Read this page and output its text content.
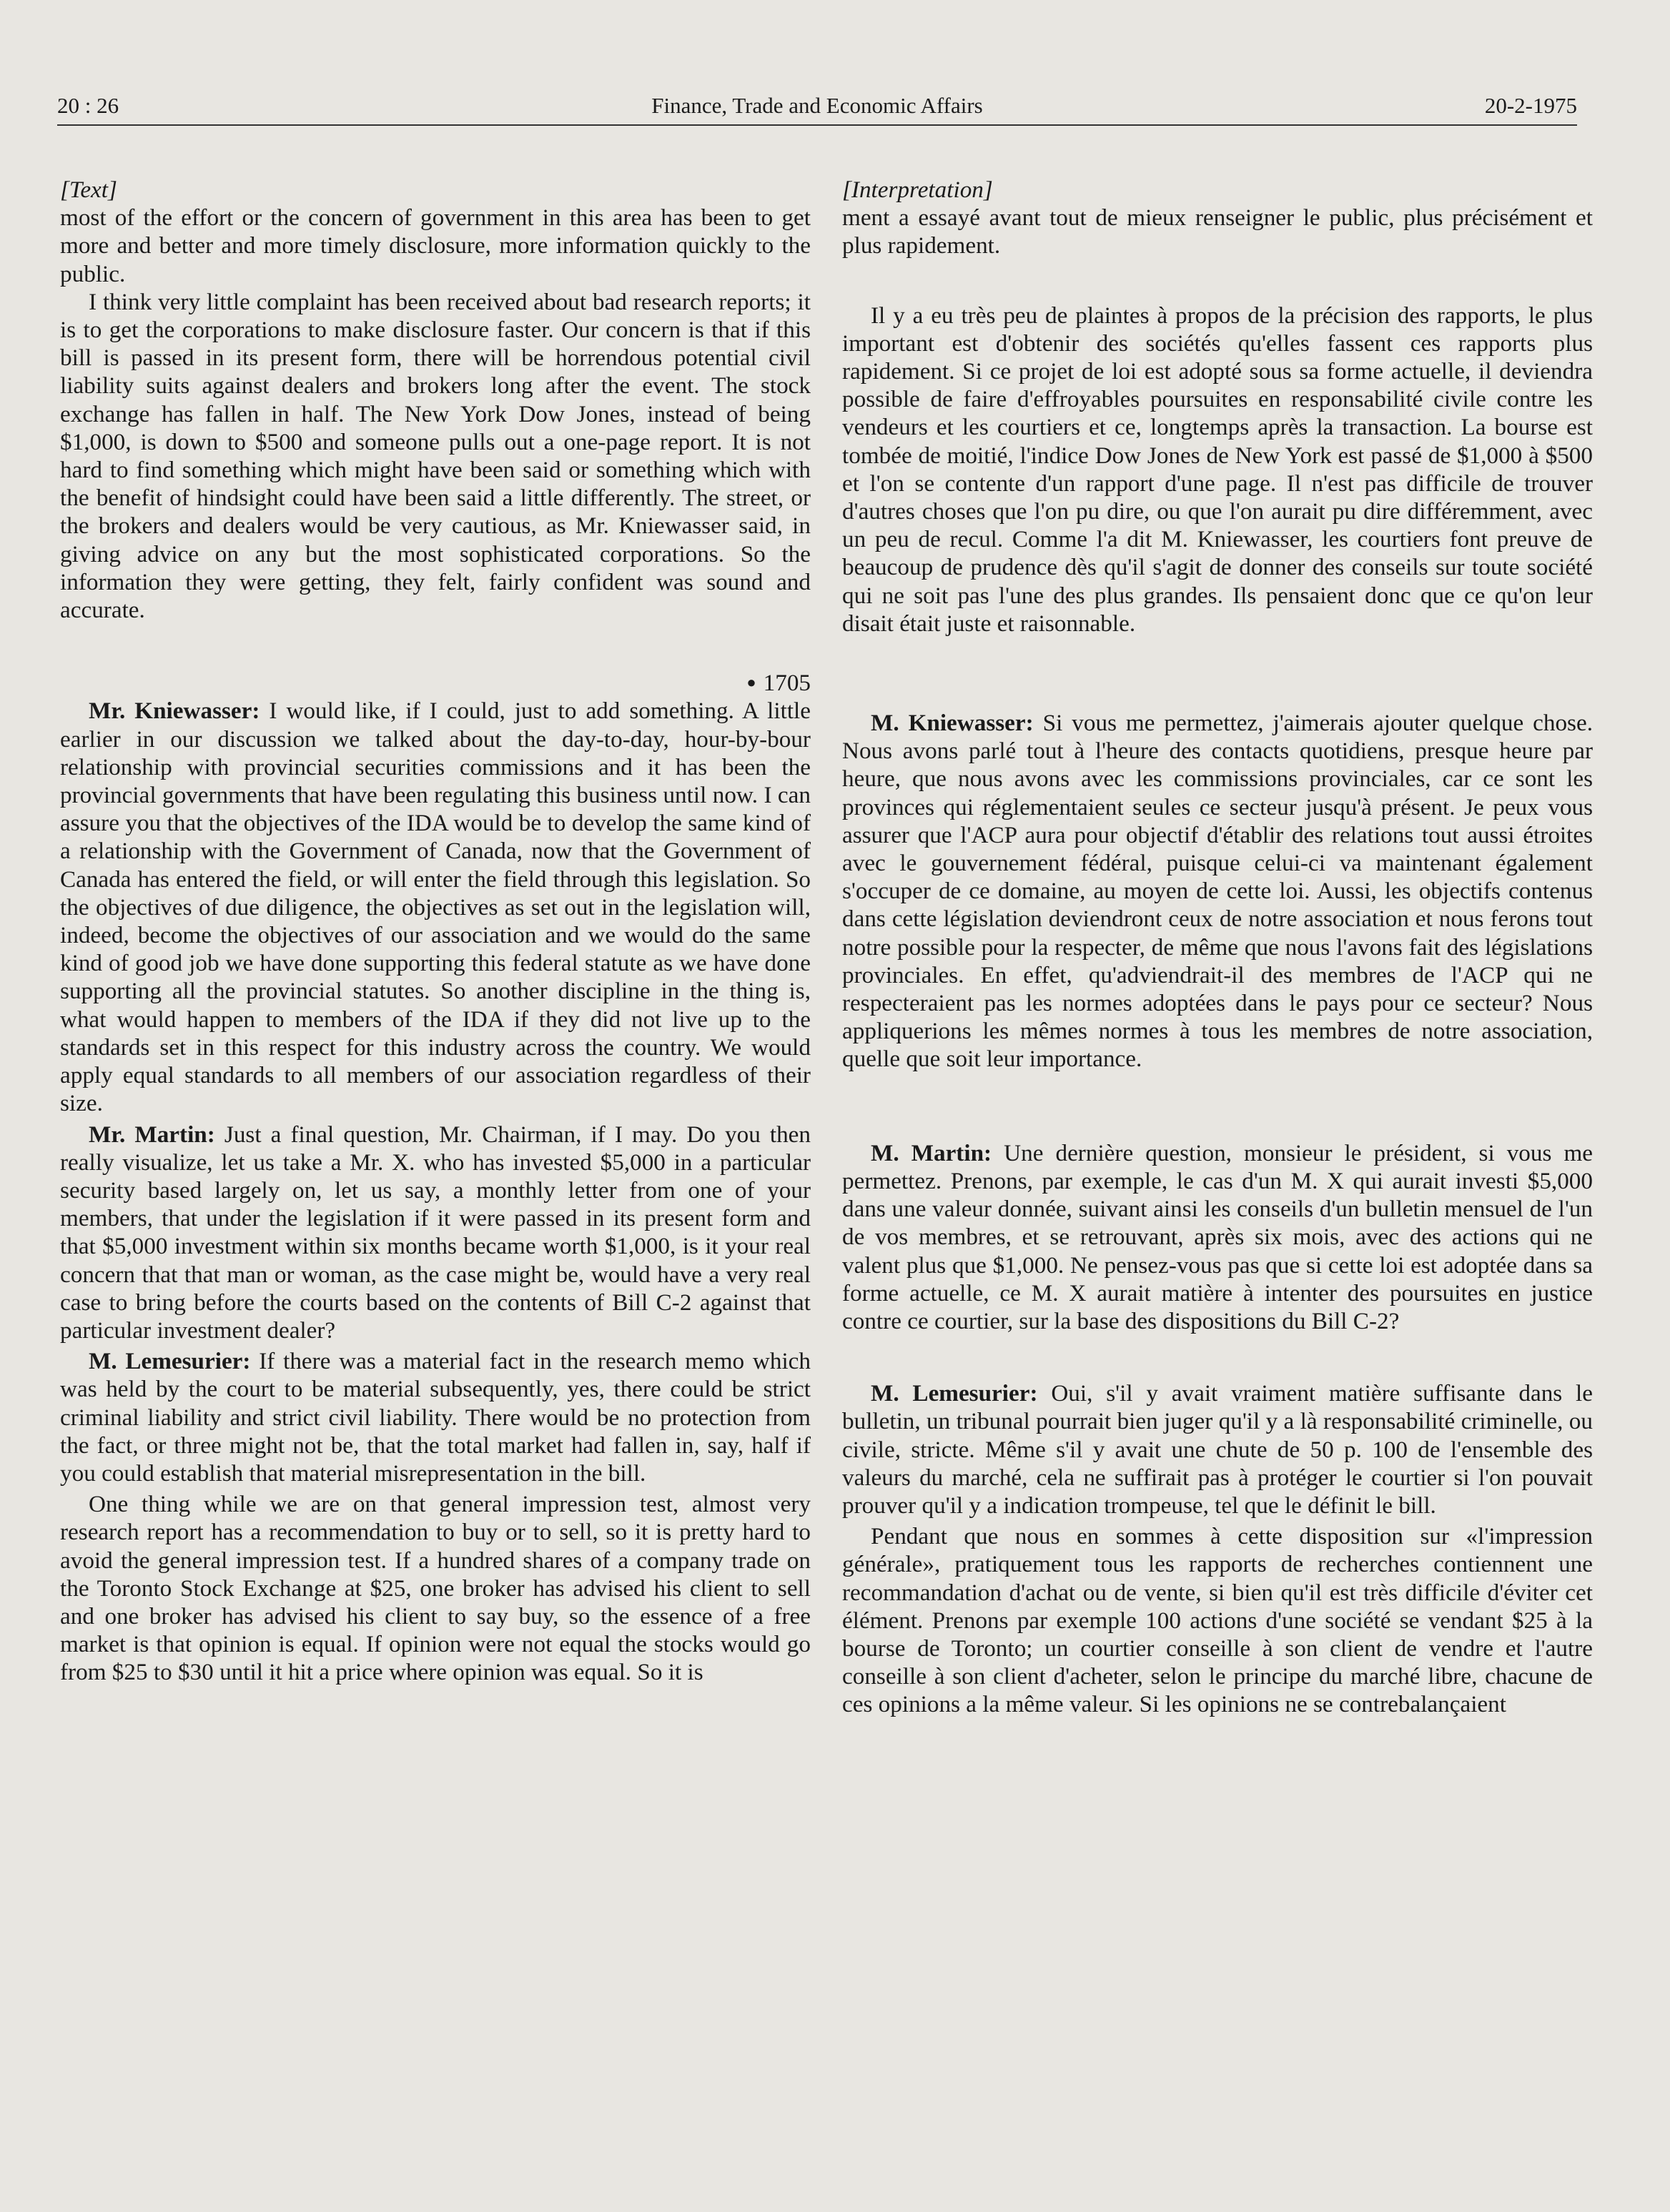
20 : 26	Finance, Trade and Economic Affairs	20-2-1975

[Text]

most of the effort or the concern of government in this area has been to get more and better and more timely disclosure, more information quickly to the public.

I think very little complaint has been received about bad research reports; it is to get the corporations to make disclosure faster. Our concern is that if this bill is passed in its present form, there will be horrendous potential civil liability suits against dealers and brokers long after the event. The stock exchange has fallen in half. The New York Dow Jones, instead of being $1,000, is down to $500 and someone pulls out a one-page report. It is not hard to find something which might have been said or something which with the benefit of hindsight could have been said a little differently. The street, or the brokers and dealers would be very cautious, as Mr. Kniewasser said, in giving advice on any but the most sophisticated corporations. So the information they were getting, they felt, fairly confident was sound and accurate.

● 1705

Mr. Kniewasser: I would like, if I could, just to add something. A little earlier in our discussion we talked about the day-to-day, hour-by-bour relationship with provincial securities commissions and it has been the provincial governments that have been regulating this business until now. I can assure you that the objectives of the IDA would be to develop the same kind of a relationship with the Government of Canada, now that the Government of Canada has entered the field, or will enter the field through this legislation. So the objectives of due diligence, the objectives as set out in the legislation will, indeed, become the objectives of our association and we would do the same kind of good job we have done supporting this federal statute as we have done supporting all the provincial statutes. So another discipline in the thing is, what would happen to members of the IDA if they did not live up to the standards set in this respect for this industry across the country. We would apply equal standards to all members of our association regardless of their size.

Mr. Martin: Just a final question, Mr. Chairman, if I may. Do you then really visualize, let us take a Mr. X. who has invested $5,000 in a particular security based largely on, let us say, a monthly letter from one of your members, that under the legislation if it were passed in its present form and that $5,000 investment within six months became worth $1,000, is it your real concern that that man or woman, as the case might be, would have a very real case to bring before the courts based on the contents of Bill C-2 against that particular investment dealer?

M. Lemesurier: If there was a material fact in the research memo which was held by the court to be material subsequently, yes, there could be strict criminal liability and strict civil liability. There would be no protection from the fact, or three might not be, that the total market had fallen in, say, half if you could establish that material misrepresentation in the bill.

One thing while we are on that general impression test, almost very research report has a recommendation to buy or to sell, so it is pretty hard to avoid the general impression test. If a hundred shares of a company trade on the Toronto Stock Exchange at $25, one broker has advised his client to sell and one broker has advised his client to say buy, so the essence of a free market is that opinion is equal. If opinion were not equal the stocks would go from $25 to $30 until it hit a price where opinion was equal. So it is

[Interpretation]

ment a essayé avant tout de mieux renseigner le public, plus précisément et plus rapidement.

Il y a eu très peu de plaintes à propos de la précision des rapports, le plus important est d'obtenir des sociétés qu'elles fassent ces rapports plus rapidement. Si ce projet de loi est adopté sous sa forme actuelle, il deviendra possible de faire d'effroyables poursuites en responsabilité civile contre les vendeurs et les courtiers et ce, longtemps après la transaction. La bourse est tombée de moitié, l'indice Dow Jones de New York est passé de $1,000 à $500 et l'on se contente d'un rapport d'une page. Il n'est pas difficile de trouver d'autres choses que l'on pu dire, ou que l'on aurait pu dire différemment, avec un peu de recul. Comme l'a dit M. Kniewasser, les courtiers font preuve de beaucoup de prudence dès qu'il s'agit de donner des conseils sur toute société qui ne soit pas l'une des plus grandes. Ils pensaient donc que ce qu'on leur disait était juste et raisonnable.

M. Kniewasser: Si vous me permettez, j'aimerais ajouter quelque chose. Nous avons parlé tout à l'heure des contacts quotidiens, presque heure par heure, que nous avons avec les commissions provinciales, car ce sont les provinces qui réglementaient seules ce secteur jusqu'à présent. Je peux vous assurer que l'ACP aura pour objectif d'établir des relations tout aussi étroites avec le gouvernement fédéral, puisque celui-ci va maintenant également s'occuper de ce domaine, au moyen de cette loi. Aussi, les objectifs contenus dans cette législation deviendront ceux de notre association et nous ferons tout notre possible pour la respecter, de même que nous l'avons fait des législations provinciales. En effet, qu'adviendrait-il des membres de l'ACP qui ne respecteraient pas les normes adoptées dans le pays pour ce secteur? Nous appliquerions les mêmes normes à tous les membres de notre association, quelle que soit leur importance.

M. Martin: Une dernière question, monsieur le président, si vous me permettez. Prenons, par exemple, le cas d'un M. X qui aurait investi $5,000 dans une valeur donnée, suivant ainsi les conseils d'un bulletin mensuel de l'un de vos membres, et se retrouvant, après six mois, avec des actions qui ne valent plus que $1,000. Ne pensez-vous pas que si cette loi est adoptée dans sa forme actuelle, ce M. X aurait matière à intenter des poursuites en justice contre ce courtier, sur la base des dispositions du Bill C-2?

M. Lemesurier: Oui, s'il y avait vraiment matière suffisante dans le bulletin, un tribunal pourrait bien juger qu'il y a là responsabilité criminelle, ou civile, stricte. Même s'il y avait une chute de 50 p. 100 de l'ensemble des valeurs du marché, cela ne suffirait pas à protéger le courtier si l'on pouvait prouver qu'il y a indication trompeuse, tel que le définit le bill.

Pendant que nous en sommes à cette disposition sur «l'impression générale», pratiquement tous les rapports de recherches contiennent une recommandation d'achat ou de vente, si bien qu'il est très difficile d'éviter cet élément. Prenons par exemple 100 actions d'une société se vendant $25 à la bourse de Toronto; un courtier conseille à son client de vendre et l'autre conseille à son client d'acheter, selon le principe du marché libre, chacune de ces opinions a la même valeur. Si les opinions ne se contrebalançaient
